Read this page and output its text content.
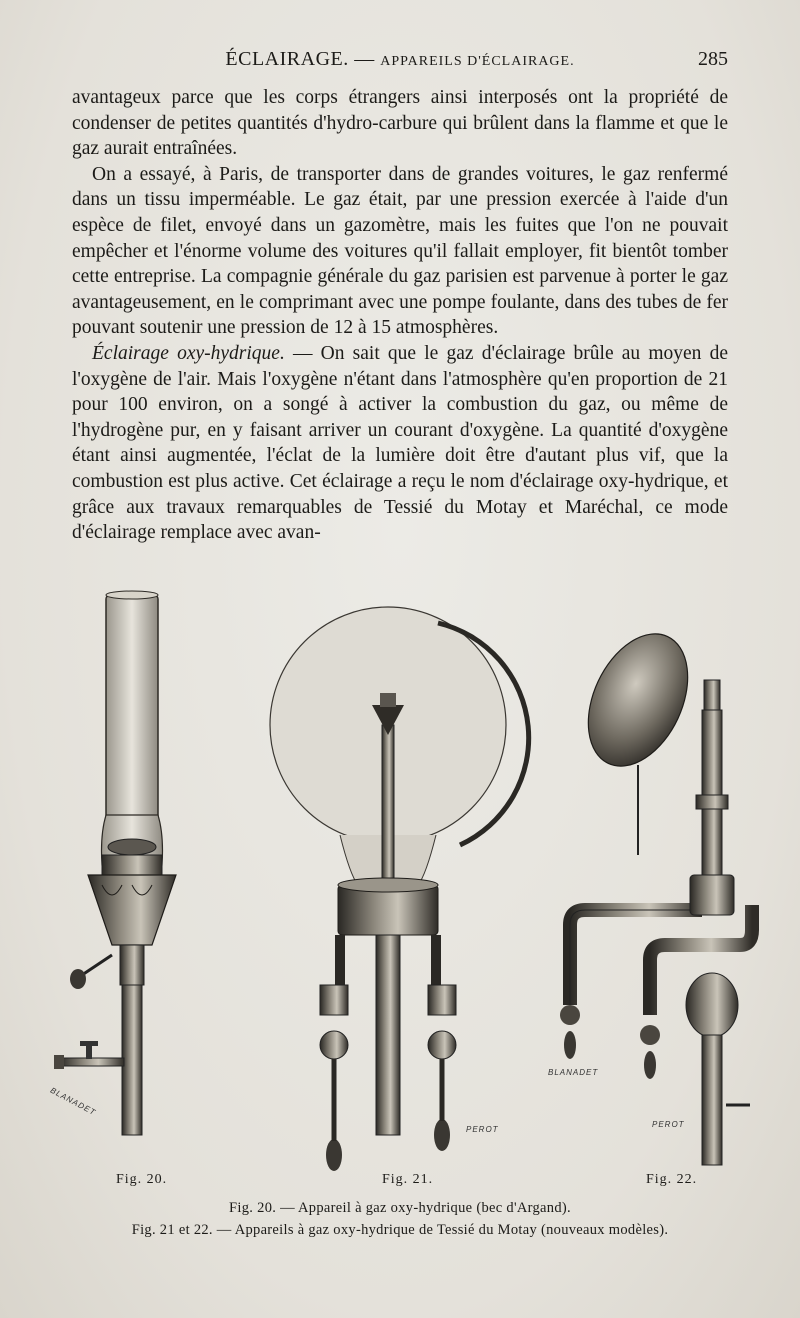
ÉCLAIRAGE. — APPAREILS D'ÉCLAIRAGE.	285

avantageux parce que les corps étrangers ainsi interposés ont la propriété de condenser de petites quantités d'hydro-carbure qui brûlent dans la flamme et que le gaz aurait entraînées.

On a essayé, à Paris, de transporter dans de grandes voitures, le gaz renfermé dans un tissu imperméable. Le gaz était, par une pression exercée à l'aide d'un espèce de filet, envoyé dans un gazomètre, mais les fuites que l'on ne pouvait empêcher et l'énorme volume des voitures qu'il fallait employer, fit bientôt tomber cette entreprise. La compagnie générale du gaz parisien est parvenue à porter le gaz avantageusement, en le comprimant avec une pompe foulante, dans des tubes de fer pouvant soutenir une pression de 12 à 15 atmosphères.

Éclairage oxy-hydrique. — On sait que le gaz d'éclairage brûle au moyen de l'oxygène de l'air. Mais l'oxygène n'étant dans l'atmosphère qu'en proportion de 21 pour 100 environ, on a songé à activer la combustion du gaz, ou même de l'hydrogène pur, en y faisant arriver un courant d'oxygène. La quantité d'oxygène étant ainsi augmentée, l'éclat de la lumière doit être d'autant plus vif, que la combustion est plus active. Cet éclairage a reçu le nom d'éclairage oxy-hydrique, et grâce aux travaux remarquables de Tessié du Motay et Maréchal, ce mode d'éclairage remplace avec avan-

BLANADET
PEROT
BLANADET
PEROT
Fig. 20.	Fig. 21.	Fig. 22.
Fig. 20. — Appareil à gaz oxy-hydrique (bec d'Argand).
Fig. 21 et 22. — Appareils à gaz oxy-hydrique de Tessié du Motay (nouveaux modèles).
